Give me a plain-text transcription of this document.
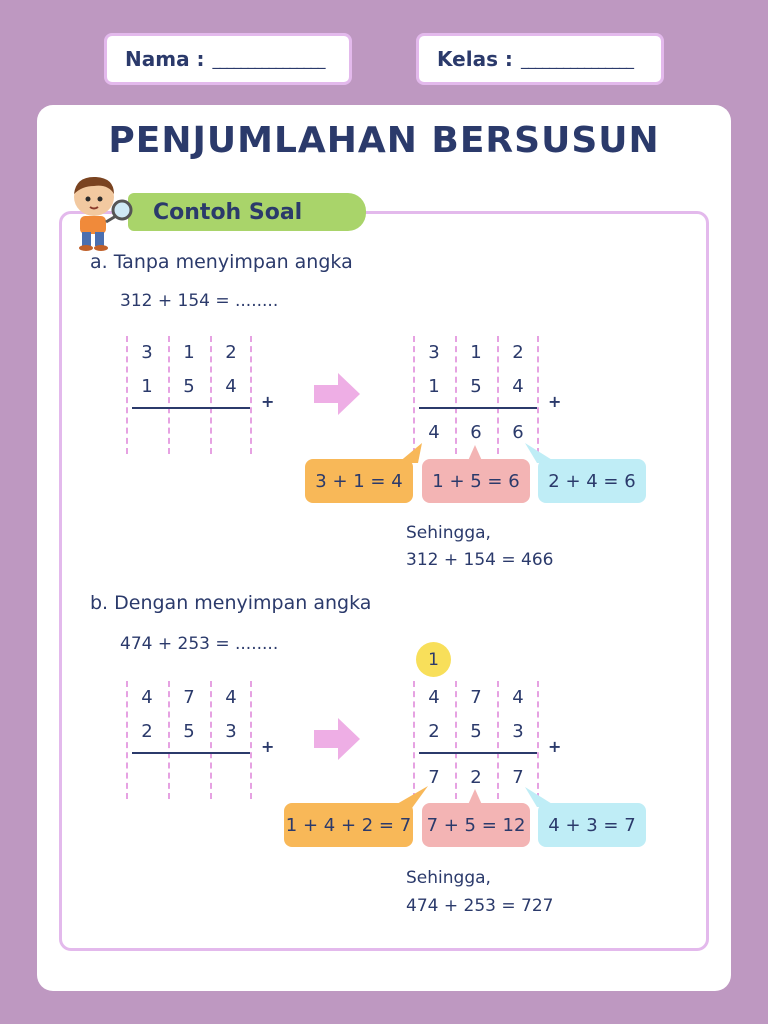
Nama : ________________	Kelas : ________________
PENJUMLAHAN BERSUSUN
Contoh Soal
a. Tanpa menyimpan angka
312 + 154 = ........
3	1	2
1	5	4
+
3	1	2
1	5	4
4	6	6
+
3 + 1 = 4 1 + 5 = 6 2 + 4 = 6
Sehingga,
312 + 154 = 466
b. Dengan menyimpan angka
474 + 253 = ........
1
4	7	4
2	5	3
+
4	7	4
2	5	3
7	2	7
+
1 + 4 + 2 = 7 7 + 5 = 12 4 + 3 = 7
Sehingga,
474 + 253 = 727
